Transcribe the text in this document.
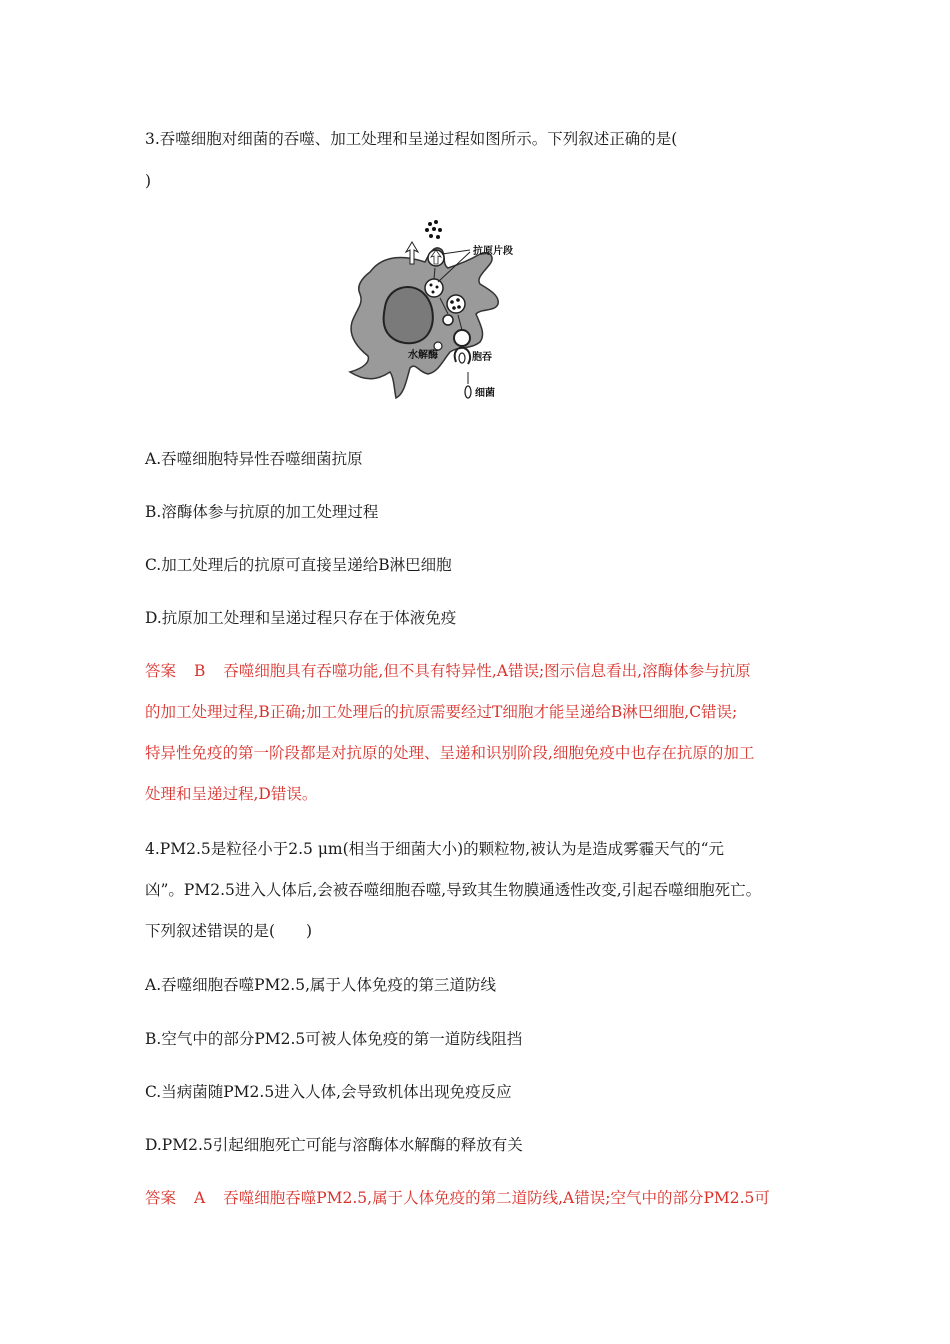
3.吞噬细胞对细菌的吞噬、加工处理和呈递过程如图所示。下列叙述正确的是(
)
抗原片段
水解酶	胞吞
细菌
A.吞噬细胞特异性吞噬细菌抗原
B.溶酶体参与抗原的加工处理过程
C.加工处理后的抗原可直接呈递给B淋巴细胞
D.抗原加工处理和呈递过程只存在于体液免疫
答案 B 吞噬细胞具有吞噬功能,但不具有特异性,A错误;图示信息看出,溶酶体参与抗原
的加工处理过程,B正确;加工处理后的抗原需要经过T细胞才能呈递给B淋巴细胞,C错误;
特异性免疫的第一阶段都是对抗原的处理、呈递和识别阶段,细胞免疫中也存在抗原的加工
处理和呈递过程,D错误。
4.PM2.5是粒径小于2.5 μm(相当于细菌大小)的颗粒物,被认为是造成雾霾天气的“元
凶”。PM2.5进入人体后,会被吞噬细胞吞噬,导致其生物膜通透性改变,引起吞噬细胞死亡。
下列叙述错误的是(　　)
A.吞噬细胞吞噬PM2.5,属于人体免疫的第三道防线
B.空气中的部分PM2.5可被人体免疫的第一道防线阻挡
C.当病菌随PM2.5进入人体,会导致机体出现免疫反应
D.PM2.5引起细胞死亡可能与溶酶体水解酶的释放有关
答案 A 吞噬细胞吞噬PM2.5,属于人体免疫的第二道防线,A错误;空气中的部分PM2.5可
